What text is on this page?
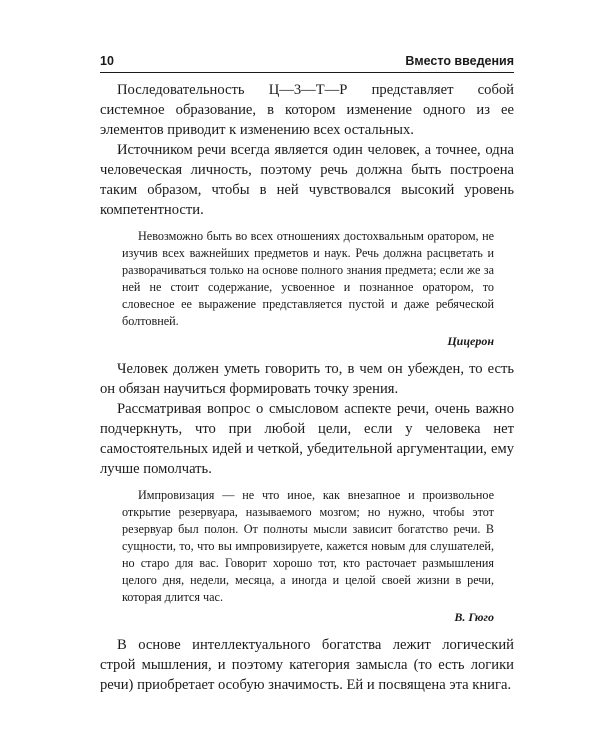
10	Вместо введения

Последовательность Ц—3—Т—Р представляет собой системное образование, в котором изменение одного из ее элементов приводит к изменению всех остальных.

Источником речи всегда является один человек, а точнее, одна человеческая личность, поэтому речь должна быть построена таким образом, чтобы в ней чувствовался высокий уровень компетентности.

Невозможно быть во всех отношениях достохвальным оратором, не изучив всех важнейших предметов и наук. Речь должна расцветать и разворачиваться только на основе полного знания предмета; если же за ней не стоит содержание, усвоенное и познанное оратором, то словесное ее выражение представляется пустой и даже ребяческой болтовней.

Цицерон

Человек должен уметь говорить то, в чем он убежден, то есть он обязан научиться формировать точку зрения.

Рассматривая вопрос о смысловом аспекте речи, очень важно подчеркнуть, что при любой цели, если у человека нет самостоятельных идей и четкой, убедительной аргументации, ему лучше помолчать.

Импровизация — не что иное, как внезапное и произвольное открытие резервуара, называемого мозгом; но нужно, чтобы этот резервуар был полон. От полноты мысли зависит богатство речи. В сущности, то, что вы импровизируете, кажется новым для слушателей, но старо для вас. Говорит хорошо тот, кто расточает размышления целого дня, недели, месяца, а иногда и целой своей жизни в речи, которая длится час.

В. Гюго

В основе интеллектуального богатства лежит логический строй мышления, и поэтому категория замысла (то есть логики речи) приобретает особую значимость. Ей и посвящена эта книга.
